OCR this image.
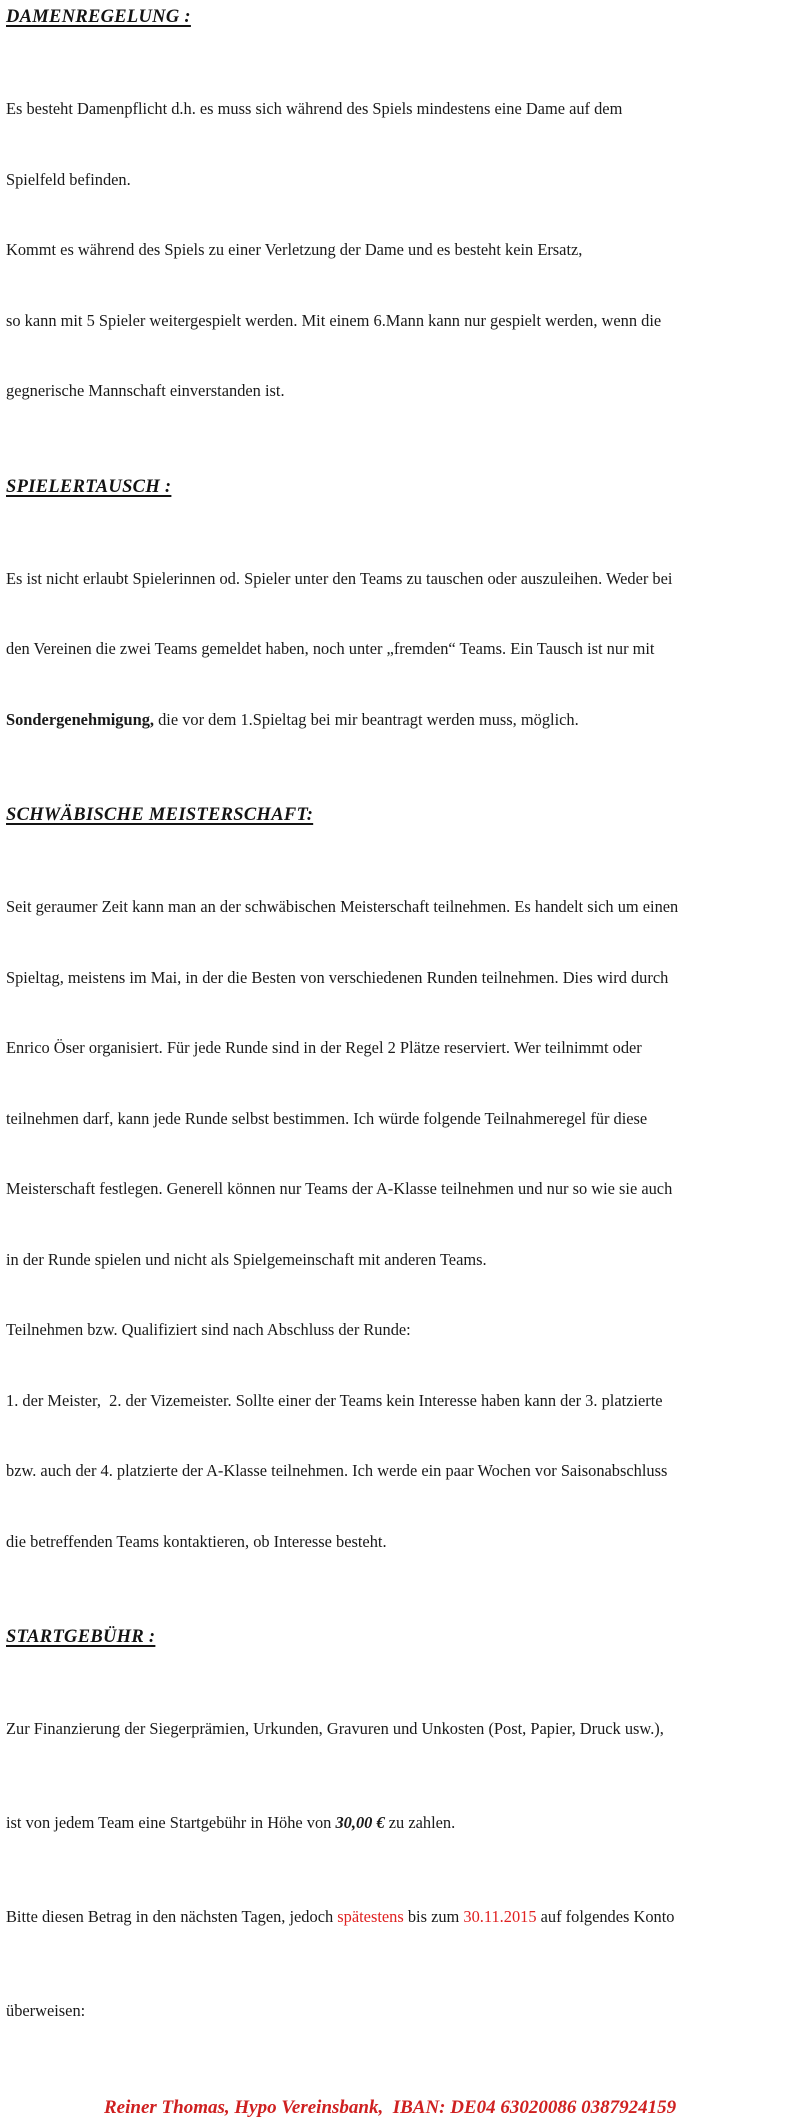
DAMENREGELUNG :

Es besteht Damenpflicht d.h. es muss sich während des Spiels mindestens eine Dame auf dem

Spielfeld befinden.

Kommt es während des Spiels zu einer Verletzung der Dame und es besteht kein Ersatz,

so kann mit 5 Spieler weitergespielt werden. Mit einem 6.Mann kann nur gespielt werden, wenn die

gegnerische Mannschaft einverstanden ist.

SPIELERTAUSCH :

Es ist nicht erlaubt Spielerinnen od. Spieler unter den Teams zu tauschen oder auszuleihen. Weder bei

den Vereinen die zwei Teams gemeldet haben, noch unter „fremden“ Teams. Ein Tausch ist nur mit

Sondergenehmigung, die vor dem 1.Spieltag bei mir beantragt werden muss, möglich.

SCHWÄBISCHE MEISTERSCHAFT:

Seit geraumer Zeit kann man an der schwäbischen Meisterschaft teilnehmen. Es handelt sich um einen

Spieltag, meistens im Mai, in der die Besten von verschiedenen Runden teilnehmen. Dies wird durch

Enrico Öser organisiert. Für jede Runde sind in der Regel 2 Plätze reserviert. Wer teilnimmt oder

teilnehmen darf, kann jede Runde selbst bestimmen. Ich würde folgende Teilnahmeregel für diese

Meisterschaft festlegen. Generell können nur Teams der A-Klasse teilnehmen und nur so wie sie auch

in der Runde spielen und nicht als Spielgemeinschaft mit anderen Teams.

Teilnehmen bzw. Qualifiziert sind nach Abschluss der Runde:

1. der Meister,  2. der Vizemeister. Sollte einer der Teams kein Interesse haben kann der 3. platzierte

bzw. auch der 4. platzierte der A-Klasse teilnehmen. Ich werde ein paar Wochen vor Saisonabschluss

die betreffenden Teams kontaktieren, ob Interesse besteht.

STARTGEBÜHR :

Zur Finanzierung der Siegerprämien, Urkunden, Gravuren und Unkosten (Post, Papier, Druck usw.),

ist von jedem Team eine Startgebühr in Höhe von 30,00 € zu zahlen.

Bitte diesen Betrag in den nächsten Tagen, jedoch spätestens bis zum 30.11.2015 auf folgendes Konto

überweisen:

Reiner Thomas, Hypo Vereinsbank,  IBAN: DE04 63020086 0387924159
